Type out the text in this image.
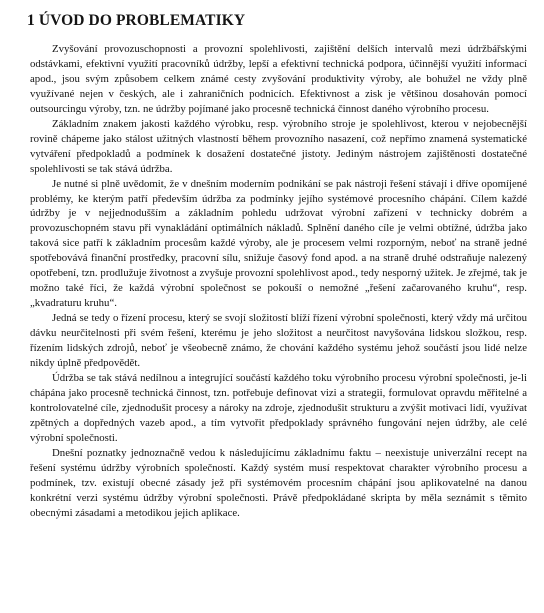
1 ÚVOD DO PROBLEMATIKY

Zvyšování provozuschopnosti a provozní spolehlivosti, zajištění delších intervalů mezi údržbářskými odstávkami, efektivní využití pracovníků údržby, lepší a efektivní technická podpora, účinnější využití informací apod., jsou svým způsobem celkem známé cesty zvyšování produktivity výroby, ale bohužel ne vždy plně využívané nejen v českých, ale i zahraničních podnicích. Efektivnost a zisk je většinou dosahován pomocí outsourcingu výroby, tzn. ne údržby pojímané jako procesně technická činnost daného výrobního procesu.

Základním znakem jakosti každého výrobku, resp. výrobního stroje je spolehlivost, kterou v nejobecnější rovině chápeme jako stálost užitných vlastností během provozního nasazení, což nepřímo znamená systematické vytváření předpokladů a podmínek k dosažení dostatečné jistoty. Jediným nástrojem zajištěnosti dostatečné spolehlivosti se tak stává údržba.

Je nutné si plně uvědomit, že v dnešním moderním podnikání se pak nástroji řešení stávají i dříve opomíjené problémy, ke kterým patří především údržba za podmínky jejího systémové procesního chápání. Cílem každé údržby je v nejjednodušším a základním pohledu udržovat výrobní zařízení v technicky dobrém a provozuschopném stavu při vynakládání optimálních nákladů. Splnění daného cíle je velmi obtížné, údržba jako taková sice patří k základním procesům každé výroby, ale je procesem velmi rozporným, neboť na straně jedné spotřebovává finanční prostředky, pracovní sílu, snižuje časový fond apod. a na straně druhé odstraňuje nalezený opotřebení, tzn. prodlužuje životnost a zvyšuje provozní spolehlivost apod., tedy nesporný užitek. Je zřejmé, tak je možno také říci, že každá výrobní společnost se pokouší o nemožné „řešení začarovaného kruhu“, resp. „kvadraturu kruhu“.

Jedná se tedy o řízení procesu, který se svojí složitostí blíží řízení výrobní společnosti, který vždy má určitou dávku neurčitelnosti při svém řešení, kterému je jeho složitost a neurčitost navyšována lidskou složkou, resp. řízením lidských zdrojů, neboť je všeobecně známo, že chování každého systému jehož součástí jsou lidé nelze nikdy úplně předpovědět.

Údržba se tak stává nedílnou a integrující součástí každého toku výrobního procesu výrobní společnosti, je-li chápána jako procesně technická činnost, tzn. potřebuje definovat vizi a strategii, formulovat opravdu měřitelné a kontrolovatelné cíle, zjednodušit procesy a nároky na zdroje, zjednodušit strukturu a zvýšit motivaci lidí, využívat zpětných a dopředných vazeb apod., a tím vytvořit předpoklady správného fungování nejen údržby, ale celé výrobní společnosti.

Dnešní poznatky jednoznačně vedou k následujícímu základnímu faktu – neexistuje univerzální recept na řešení systému údržby výrobních společností. Každý systém musí respektovat charakter výrobního procesu a podmínek, tzv. existují obecné zásady jež při systémovém procesním chápání jsou aplikovatelné na danou konkrétní verzi systému údržby výrobní společnosti. Právě předpokládané skripta by měla seznámit s těmito obecnými zásadami a metodikou jejich aplikace.
